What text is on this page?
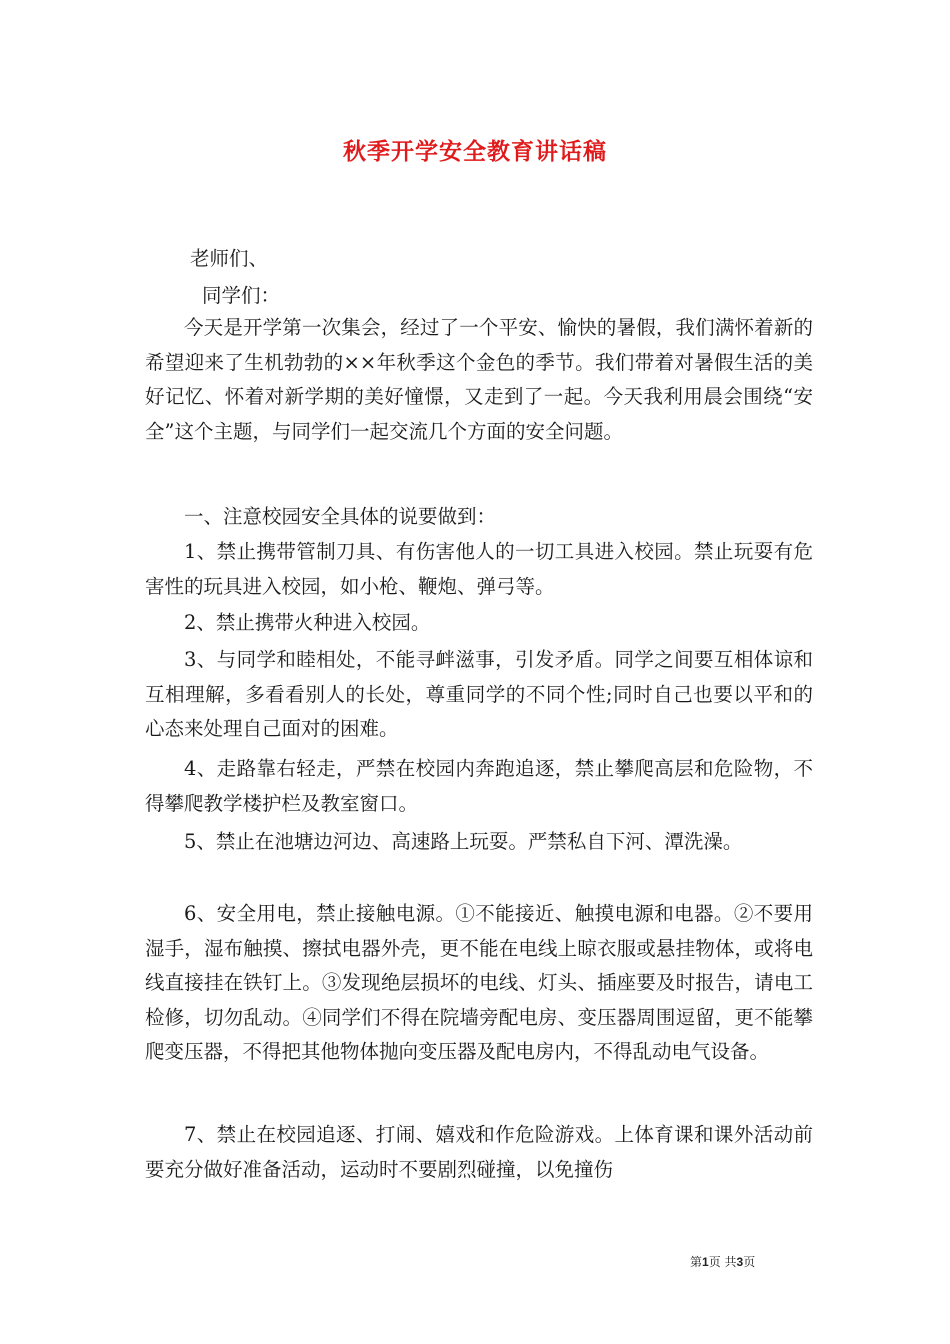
秋季开学安全教育讲话稿

老师们、

同学们：

今天是开学第一次集会，经过了一个平安、愉快的暑假，我们满怀着新的希望迎来了生机勃勃的××年秋季这个金色的季节。我们带着对暑假生活的美好记忆、怀着对新学期的美好憧憬，又走到了一起。今天我利用晨会围绕“安全”这个主题，与同学们一起交流几个方面的安全问题。

一、注意校园安全具体的说要做到：

1、禁止携带管制刀具、有伤害他人的一切工具进入校园。禁止玩耍有危害性的玩具进入校园，如小枪、鞭炮、弹弓等。

2、禁止携带火种进入校园。

3、与同学和睦相处，不能寻衅滋事，引发矛盾。同学之间要互相体谅和互相理解，多看看别人的长处，尊重同学的不同个性;同时自己也要以平和的心态来处理自己面对的困难。

4、走路靠右轻走，严禁在校园内奔跑追逐，禁止攀爬高层和危险物，不得攀爬教学楼护栏及教室窗口。

5、禁止在池塘边河边、高速路上玩耍。严禁私自下河、潭洗澡。

6、安全用电，禁止接触电源。①不能接近、触摸电源和电器。②不要用湿手，湿布触摸、擦拭电器外壳，更不能在电线上晾衣服或悬挂物体，或将电线直接挂在铁钉上。③发现绝层损坏的电线、灯头、插座要及时报告，请电工检修，切勿乱动。④同学们不得在院墙旁配电房、变压器周围逗留，更不能攀爬变压器，不得把其他物体抛向变压器及配电房内，不得乱动电气设备。

7、禁止在校园追逐、打闹、嬉戏和作危险游戏。上体育课和课外活动前要充分做好准备活动，运动时不要剧烈碰撞，以免撞伤

第1页 共3页
